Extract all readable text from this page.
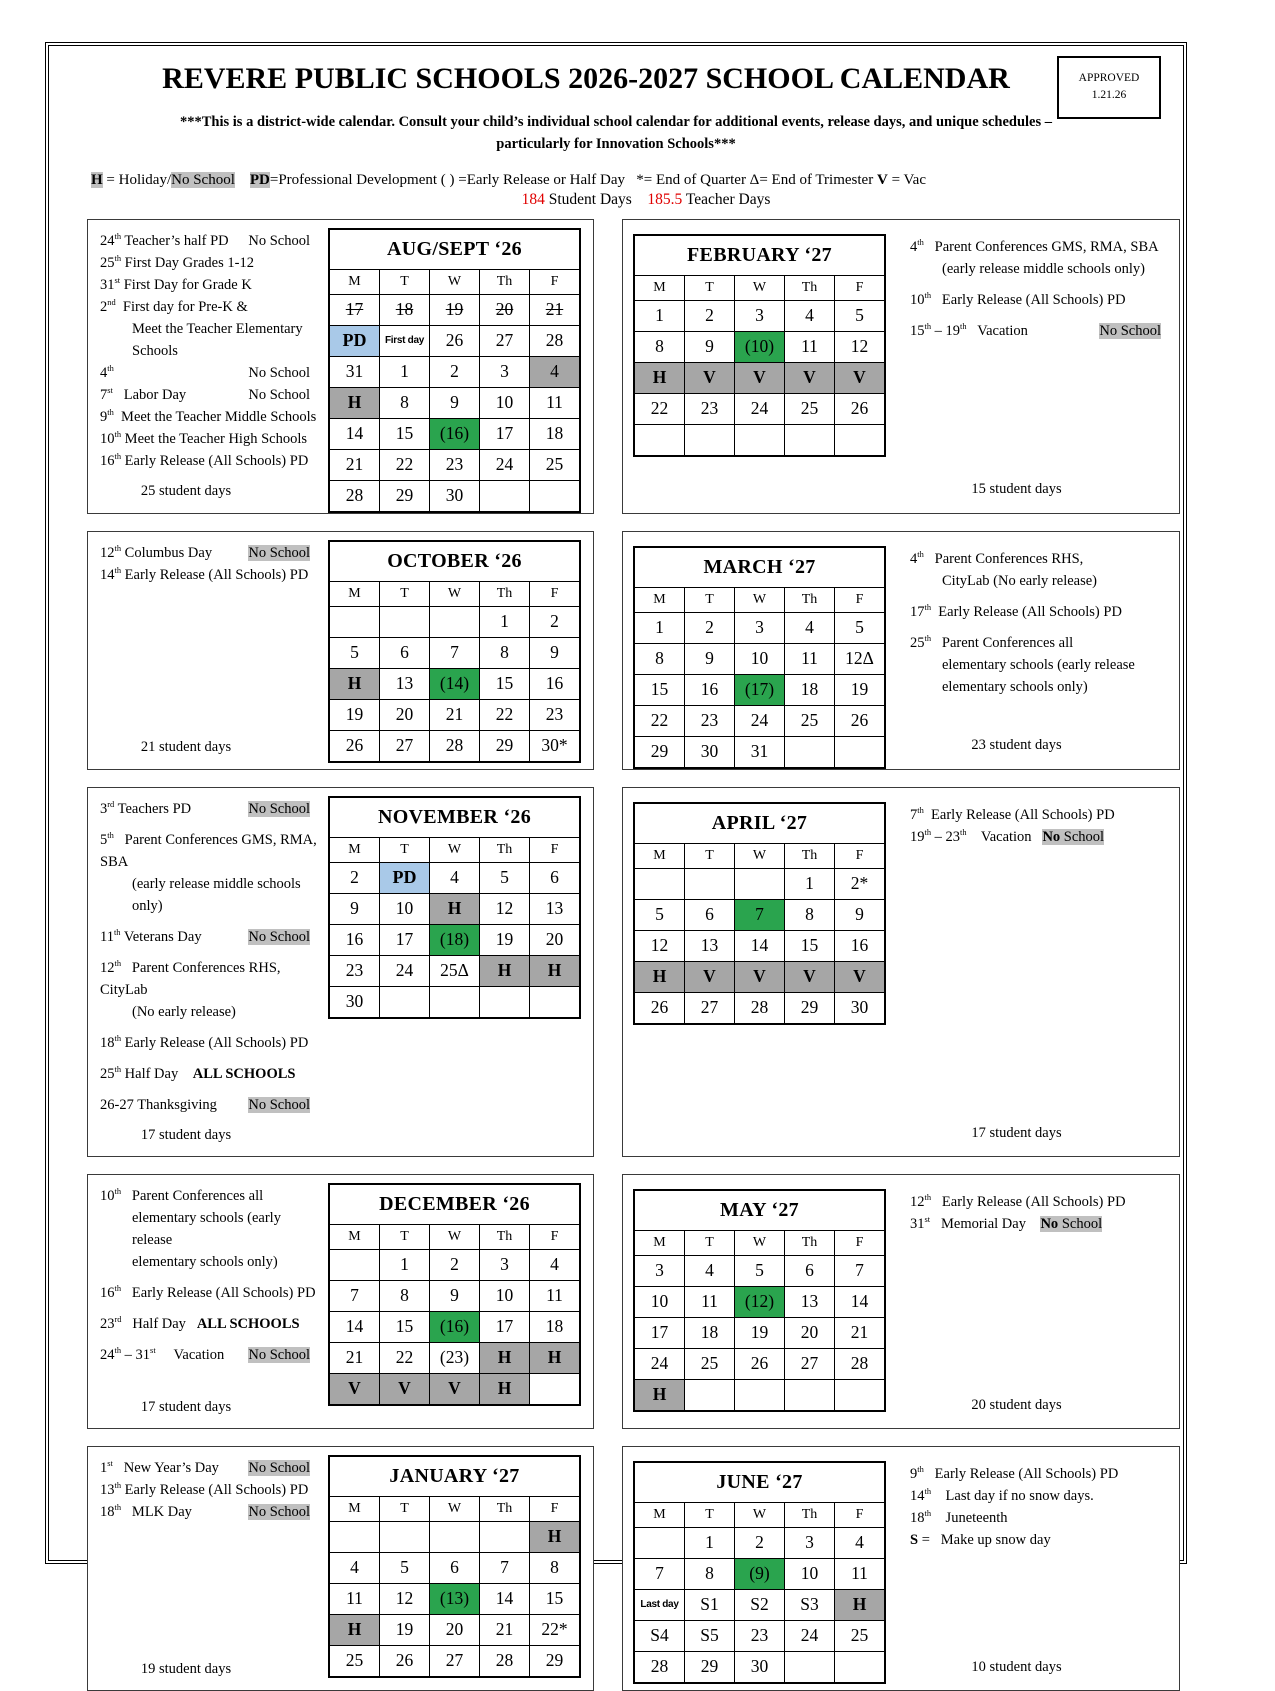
APPROVED
1.21.26
REVERE PUBLIC SCHOOLS 2026-2027 SCHOOL CALENDAR
***This is a district-wide calendar. Consult your child’s individual school calendar for additional events, release days, and unique schedules – particularly for Innovation Schools***
H = Holiday/No School PD=Professional Development ( ) =Early Release or Half Day   *= End of Quarter Δ= End of Trimester V = Vac
184 Student Days    185.5 Teacher Days
24th Teacher’s half PD No School
25th First Day Grades 1-12
31st First Day for Grade K
2nd  First day for Pre-K &
Meet the Teacher Elementary Schools
4th	No School
7st   Labor Day	No School
9th  Meet the Teacher Middle Schools
10th Meet the Teacher High Schools
16th Early Release (All Schools) PD
25 student days
AUG/SEPT ‘26				
M	T	W	Th	F
17	18	19	20	21
PD	First day	26	27	28
31	1	2	3	4
H	8	9	10	11
14	15	(16)	17	18
21	22	23	24	25
28	29	30		
FEBRUARY ‘27				
M	T	W	Th	F
1	2	3	4	5
8	9	(10)	11	12
H	V	V	V	V
22	23	24	25	26

4th   Parent Conferences GMS, RMA, SBA
(early release middle schools only)
10th   Early Release (All Schools) PD
15th – 19th   Vacation	No School
15 student days
12th Columbus Day	No School
14th Early Release (All Schools) PD
21 student days
OCTOBER ‘26				
M	T	W	Th	F
			1	2
5	6	7	8	9
H	13	(14)	15	16
19	20	21	22	23
26	27	28	29	30*
MARCH ‘27				
M	T	W	Th	F
1	2	3	4	5
8	9	10	11	12Δ
15	16	(17)	18	19
22	23	24	25	26
29	30	31		
4th   Parent Conferences RHS,
CityLab (No early release)
17th  Early Release (All Schools) PD
25th   Parent Conferences all
elementary schools (early release
elementary schools only)
23 student days
3rd Teachers PD	No School
5th   Parent Conferences GMS, RMA, SBA
(early release middle schools only)
11th Veterans Day	No School
12th   Parent Conferences RHS, CityLab
(No early release)
18th Early Release (All Schools) PD
25th Half Day    ALL SCHOOLS
26-27 Thanksgiving No School
17 student days
NOVEMBER ‘26				
M	T	W	Th	F
2	PD	4	5	6
9	10	H	12	13
16	17	(18)	19	20
23	24	25Δ	H	H
30				
APRIL ‘27				
M	T	W	Th	F
			1	2*
5	6	7	8	9
12	13	14	15	16
H	V	V	V	V
26	27	28	29	30
7th  Early Release (All Schools) PD
19th – 23th    Vacation   No School
17 student days
10th   Parent Conferences all
elementary schools (early release
elementary schools only)
16th   Early Release (All Schools) PD
23rd   Half Day   ALL SCHOOLS
24th – 31st     Vacation No School
17 student days
DECEMBER ‘26				
M	T	W	Th	F
	1	2	3	4
7	8	9	10	11
14	15	(16)	17	18
21	22	(23)	H	H
V	V	V	H	
MAY ‘27				
M	T	W	Th	F
3	4	5	6	7
10	11	(12)	13	14
17	18	19	20	21
24	25	26	27	28
H				
12th   Early Release (All Schools) PD
31st   Memorial Day    No School
20 student days
1st   New Year’s Day No School
13th Early Release (All Schools) PD
18th   MLK Day	No School
19 student days
JANUARY ‘27				
M	T	W	Th	F
				H
4	5	6	7	8
11	12	(13)	14	15
H	19	20	21	22*
25	26	27	28	29
JUNE ‘27				
M	T	W	Th	F
	1	2	3	4
7	8	(9)	10	11
Last day	S1	S2	S3	H
S4	S5	23	24	25
28	29	30		
9th   Early Release (All Schools) PD
14th    Last day if no snow days.
18th    Juneteenth
S =   Make up snow day
10 student days
